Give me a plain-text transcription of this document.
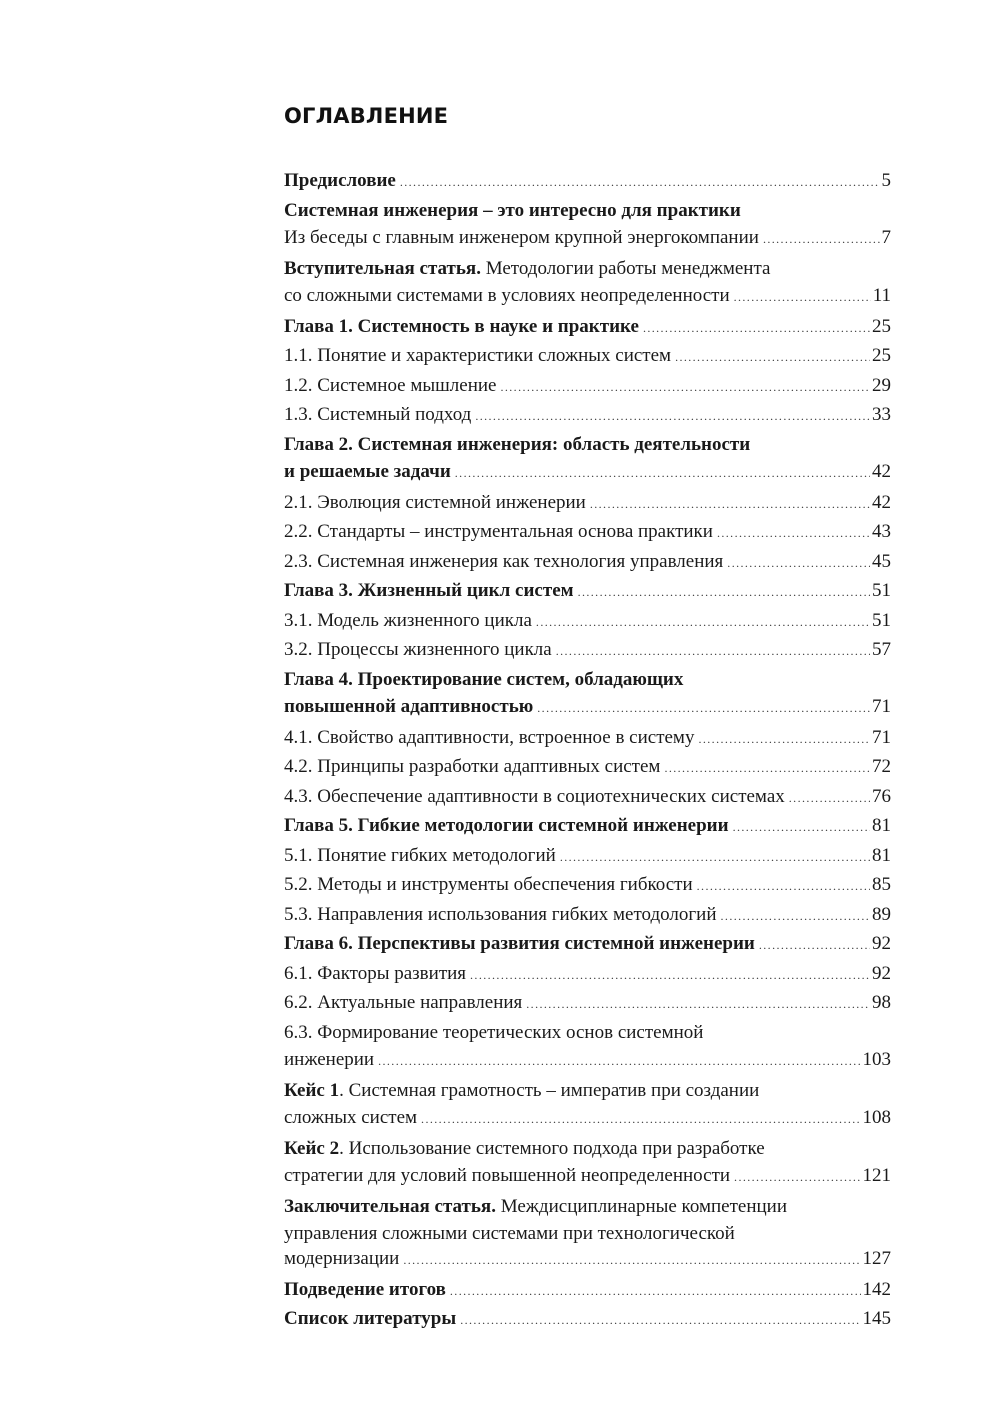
ОГЛАВЛЕНИЕ
Предисловие .....	5
Системная инженерия – это интересно для практики
Из беседы с главным инженером крупной энергокомпании .....	7
Вступительная статья. Методологии работы менеджмента
со сложными системами в условиях неопределенности .....	11
Глава 1. Системность в науке и практике .....	25
1.1. Понятие и характеристики сложных систем .....	25
1.2. Системное мышление .....	29
1.3. Системный подход .....	33
Глава 2. Системная инженерия: область деятельности
и решаемые задачи .....	42
2.1. Эволюция системной инженерии .....	42
2.2. Стандарты – инструментальная основа практики .....	43
2.3. Системная инженерия как технология управления .....	45
Глава 3. Жизненный цикл систем .....	51
3.1. Модель жизненного цикла .....	51
3.2. Процессы жизненного цикла .....	57
Глава 4. Проектирование систем, обладающих
повышенной адаптивностью .....	71
4.1. Свойство адаптивности, встроенное в систему .....	71
4.2. Принципы разработки адаптивных систем .....	72
4.3. Обеспечение адаптивности в социотехнических системах .....	76
Глава 5. Гибкие методологии системной инженерии .....	81
5.1. Понятие гибких методологий .....	81
5.2. Методы и инструменты обеспечения гибкости .....	85
5.3. Направления использования гибких методологий .....	89
Глава 6. Перспективы развития системной инженерии .....	92
6.1. Факторы развития .....	92
6.2. Актуальные направления .....	98
6.3. Формирование теоретических основ системной
инженерии .....	103
Кейс 1. Системная грамотность – императив при создании
сложных систем .....	108
Кейс 2. Использование системного подхода при разработке
стратегии для условий повышенной неопределенности .....	121
Заключительная статья. Междисциплинарные компетенции
управления сложными системами при технологической
модернизации .....	127
Подведение итогов .....	142
Список литературы .....	145
